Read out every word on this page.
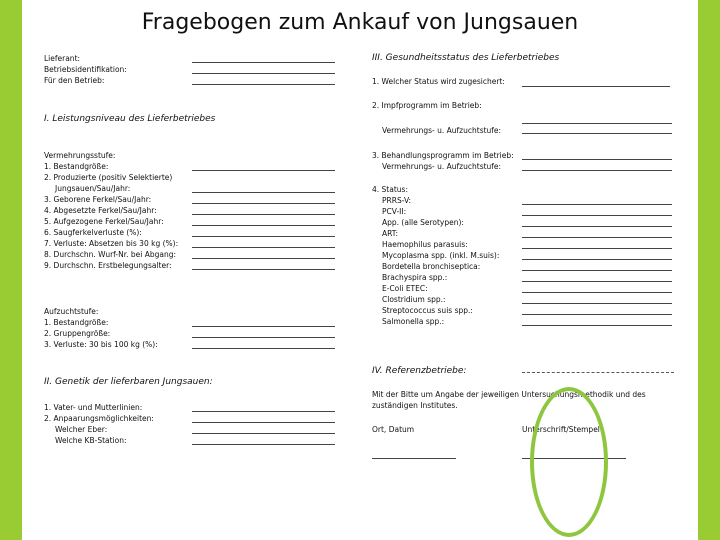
Fragebogen zum Ankauf von Jungsauen
Lieferant:
Betriebsidentifikation:
Für den Betrieb:
I. Leistungsniveau des Lieferbetriebes
Vermehrungsstufe:
1. Bestandgröße:
2. Produzierte (positiv Selektierte)
Jungsauen/Sau/Jahr:
3. Geborene Ferkel/Sau/Jahr:
4. Abgesetzte Ferkel/Sau/Jahr:
5. Aufgezogene Ferkel/Sau/Jahr:
6. Saugferkelverluste (%):
7. Verluste: Absetzen bis 30 kg (%):
8. Durchschn. Wurf-Nr. bei Abgang:
9. Durchschn. Erstbelegungsalter:
Aufzuchtstufe:
1. Bestandgröße:
2. Gruppengröße:
3. Verluste: 30 bis 100 kg (%):
II. Genetik der lieferbaren Jungsauen:
1. Vater- und Mutterlinien:
2. Anpaarungsmöglichkeiten:
Welcher Eber:
Welche KB-Station:
III. Gesundheitsstatus des Lieferbetriebes
1. Welcher Status wird zugesichert:
2. Impfprogramm im Betrieb:
Vermehrungs- u. Aufzuchtstufe:
3. Behandlungsprogramm im Betrieb:
Vermehrungs- u. Aufzuchtstufe:
4. Status:
PRRS-V:
PCV-II:
App. (alle Serotypen):
ART:
Haemophilus parasuis:
Mycoplasma spp. (inkl. M.suis):
Bordetella bronchiseptica:
Brachyspira spp.:
E-Coli ETEC:
Clostridium spp.:
Streptococcus suis spp.:
Salmonella spp.:
IV. Referenzbetriebe:
Mit der Bitte um Angabe der jeweiligen Untersuchungsmethodik und des
zuständigen Institutes.
Ort, Datum	Unterschrift/Stempel
